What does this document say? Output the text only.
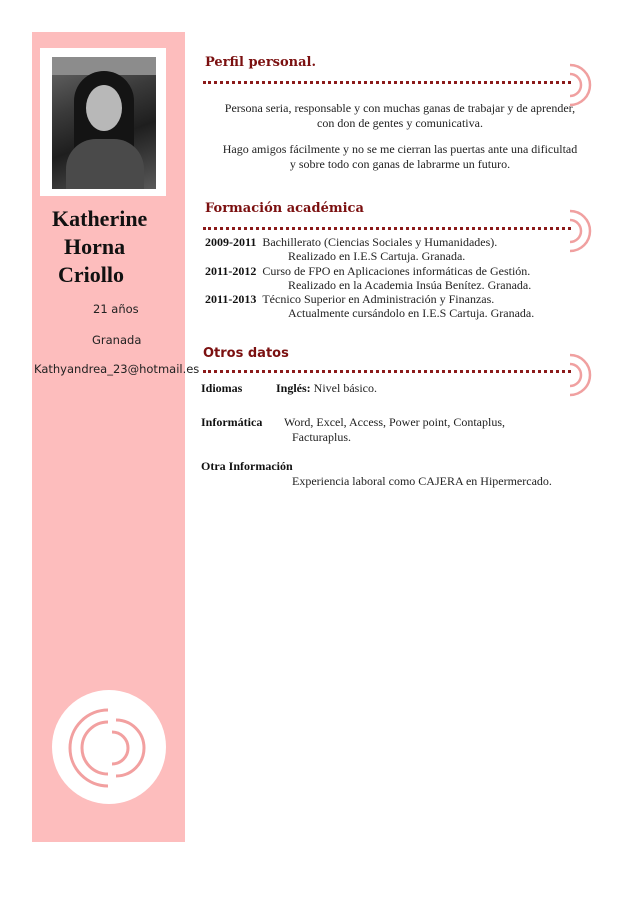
Katherine
Horna
Criollo
21 años
Granada
Kathyandrea_23@hotmail.es
Perfil personal.
Persona seria, responsable y con muchas ganas de trabajar y de aprender,
con don de gentes y comunicativa.
Hago amigos fácilmente y no se me cierran las puertas ante una dificultad
y sobre todo con ganas de labrarme un futuro.
Formación académica
2009-2011 Bachillerato (Ciencias Sociales y Humanidades).
Realizado en I.E.S Cartuja. Granada.
2011-2012 Curso de FPO en Aplicaciones informáticas de Gestión.
Realizado en la Academia Insúa Benítez. Granada.
2011-2013 Técnico Superior en Administración y Finanzas.
Actualmente cursándolo en I.E.S Cartuja. Granada.
Otros datos
Idiomas	Inglés: Nivel básico.
Informática Word, Excel, Access, Power point, Contaplus,
Facturaplus.
Otra Información
Experiencia laboral como CAJERA en Hipermercado.
